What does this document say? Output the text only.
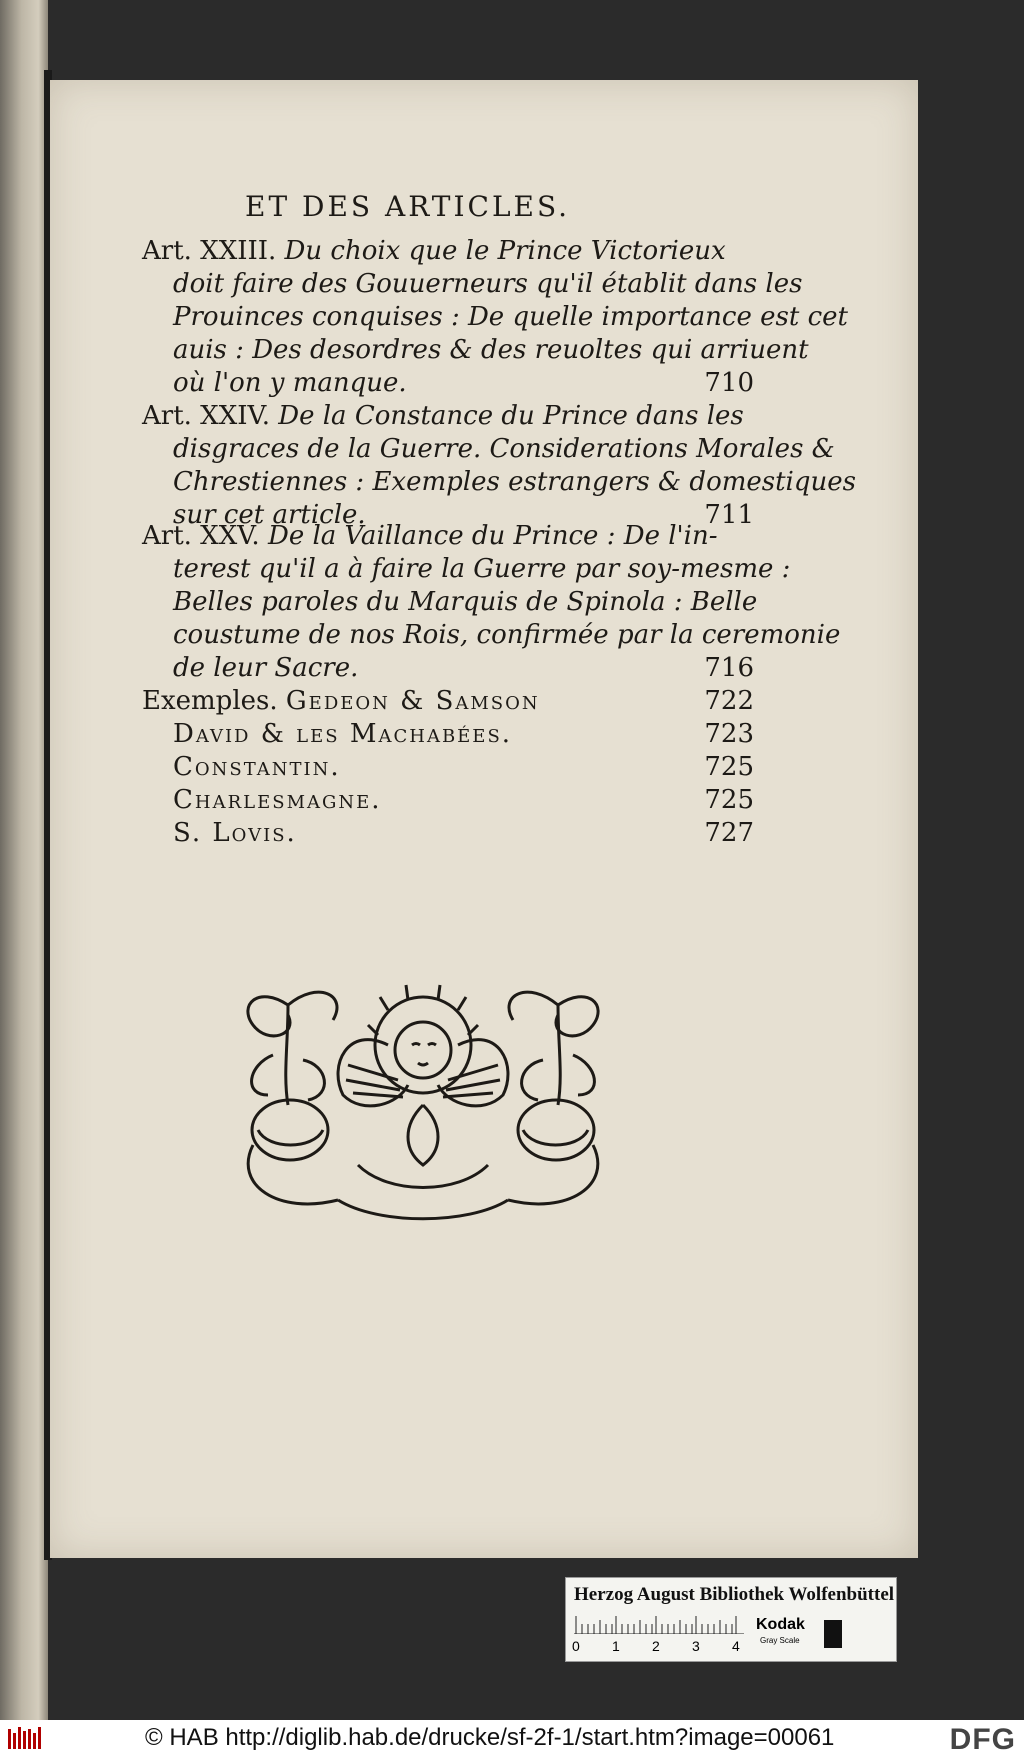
ET DES ARTICLES.
Art. XXIII. Du choix que le Prince Victorieux
doit faire des Gouuerneurs qu'il établit dans les
Prouinces conquises : De quelle importance est cet
auis : Des desordres & des reuoltes qui arriuent
où l'on y manque.	710
Art. XXIV. De la Constance du Prince dans les
disgraces de la Guerre. Considerations Morales &
Chrestiennes : Exemples estrangers & domestiques
sur cet article.	711
Art. XXV. De la Vaillance du Prince : De l'in-
terest qu'il a à faire la Guerre par soy-mesme :
Belles paroles du Marquis de Spinola : Belle
coustume de nos Rois, confirmée par la ceremonie
de leur Sacre.	716
Exemples. Gedeon & Samson	722
David & les Machabées.	723
Constantin.	725
Charlesmagne.	725
S. Lovis.	727
Herzog August Bibliothek Wolfenbüttel
0 1 2 3 4
Kodak
Gray Scale
© HAB http://diglib.hab.de/drucke/sf-2f-1/start.htm?image=00061	DFG
